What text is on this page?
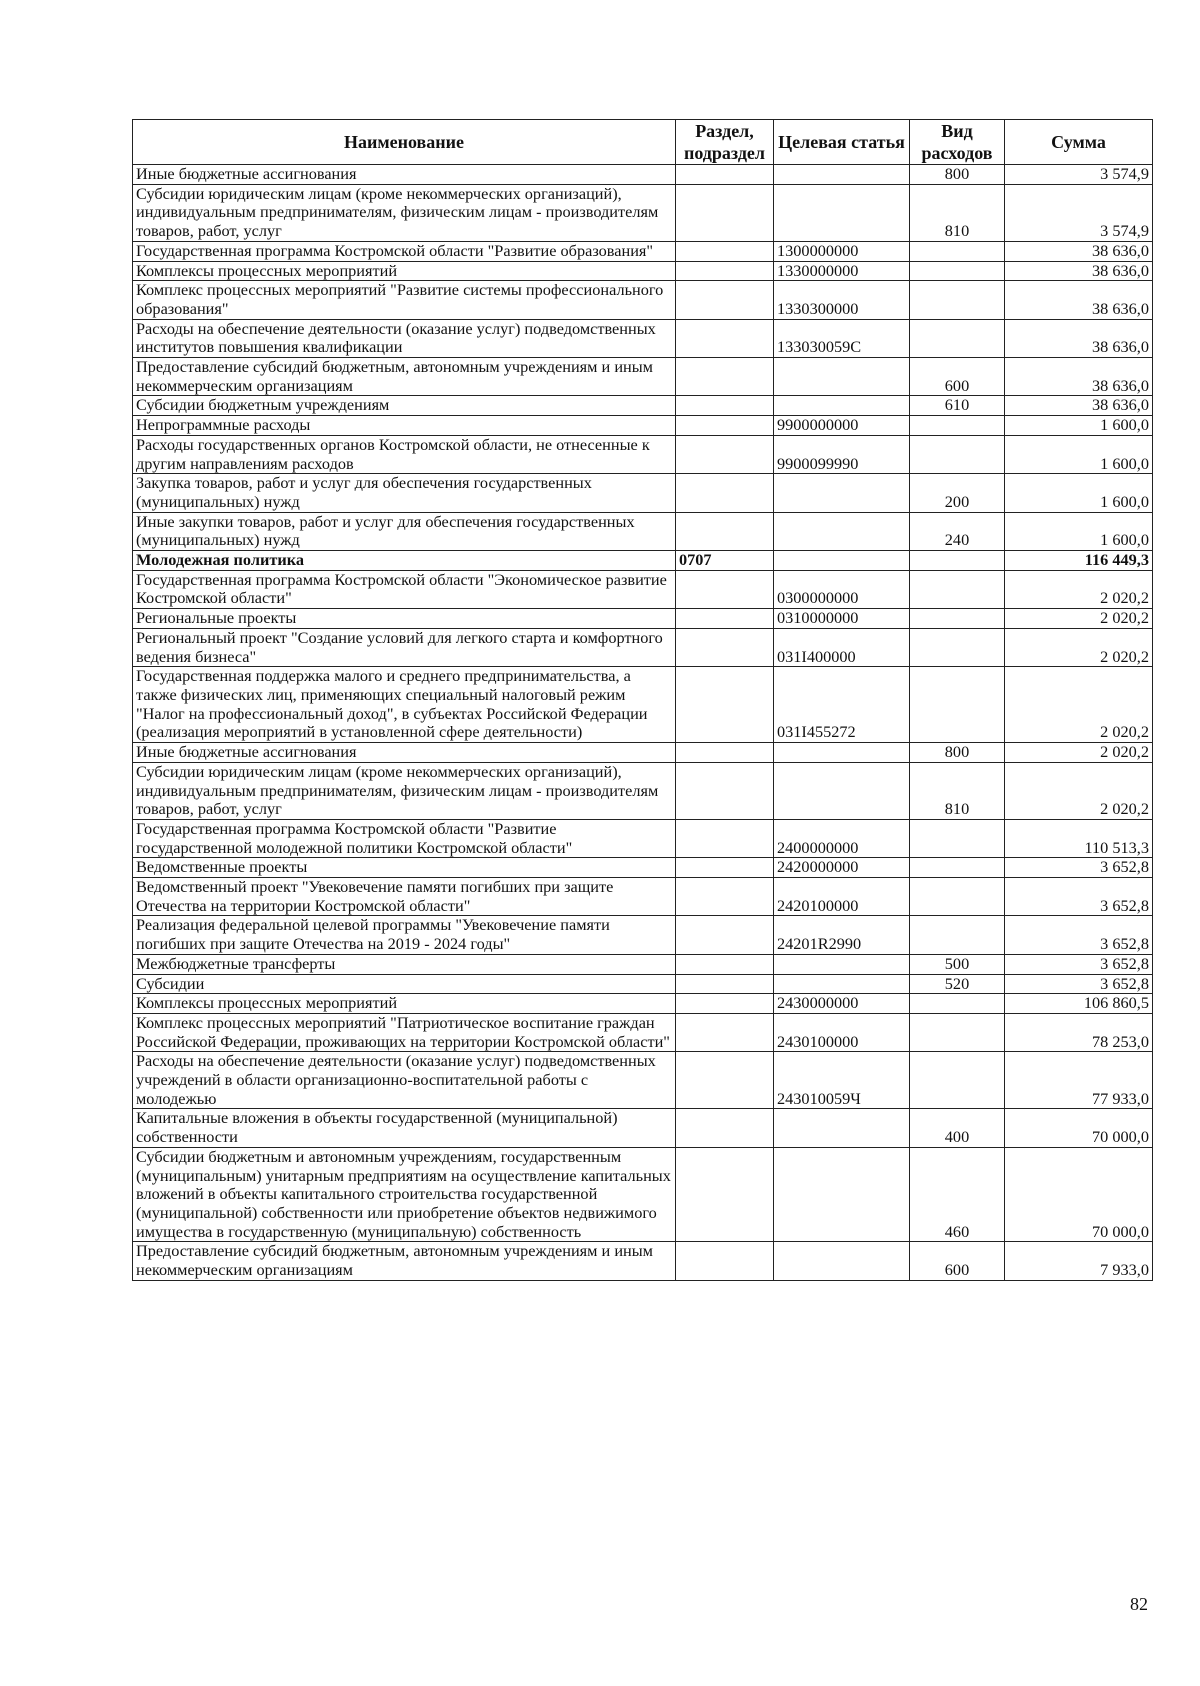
Наименование	Раздел, подраздел	Целевая статья	Вид расходов	Сумма
Иные бюджетные ассигнования			800	3 574,9
Субсидии юридическим лицам (кроме некоммерческих организаций), индивидуальным предпринимателям, физическим лицам - производителям товаров, работ, услуг			810	3 574,9
Государственная программа Костромской области "Развитие образования"		1300000000		38 636,0
Комплексы процессных мероприятий		1330000000		38 636,0
Комплекс процессных мероприятий "Развитие системы профессионального образования"		1330300000		38 636,0
Расходы на обеспечение деятельности (оказание услуг) подведомственных институтов повышения квалификации		133030059С		38 636,0
Предоставление субсидий бюджетным, автономным учреждениям и иным некоммерческим организациям			600	38 636,0
Субсидии бюджетным учреждениям			610	38 636,0
Непрограммные расходы		9900000000		1 600,0
Расходы государственных органов Костромской области, не отнесенные к другим направлениям расходов		9900099990		1 600,0
Закупка товаров, работ и услуг для обеспечения государственных (муниципальных) нужд			200	1 600,0
Иные закупки товаров, работ и услуг для обеспечения государственных (муниципальных) нужд			240	1 600,0
Молодежная политика	0707			116 449,3
Государственная программа Костромской области "Экономическое развитие Костромской области"		0300000000		2 020,2
Региональные проекты		0310000000		2 020,2
Региональный проект "Создание условий для легкого старта и комфортного ведения бизнеса"		031I400000		2 020,2
Государственная поддержка малого и среднего предпринимательства, а также физических лиц, применяющих специальный налоговый режим "Налог на профессиональный доход", в субъектах Российской Федерации (реализация мероприятий в установленной сфере деятельности)		031I455272		2 020,2
Иные бюджетные ассигнования			800	2 020,2
Субсидии юридическим лицам (кроме некоммерческих организаций), индивидуальным предпринимателям, физическим лицам - производителям товаров, работ, услуг			810	2 020,2
Государственная программа Костромской области "Развитие государственной молодежной политики Костромской области"		2400000000		110 513,3
Ведомственные проекты		2420000000		3 652,8
Ведомственный проект "Увековечение памяти погибших при защите Отечества на территории Костромской области"		2420100000		3 652,8
Реализация федеральной целевой программы "Увековечение памяти погибших при защите Отечества на 2019 - 2024 годы"		24201R2990		3 652,8
Межбюджетные трансферты			500	3 652,8
Субсидии			520	3 652,8
Комплексы процессных мероприятий		2430000000		106 860,5
Комплекс процессных мероприятий "Патриотическое воспитание граждан Российской Федерации, проживающих на территории Костромской области"		2430100000		78 253,0
Расходы на обеспечение деятельности (оказание услуг) подведомственных учреждений в области организационно-воспитательной работы с молодежью		243010059Ч		77 933,0
Капитальные вложения в объекты государственной (муниципальной) собственности			400	70 000,0
Субсидии бюджетным и автономным учреждениям, государственным (муниципальным) унитарным предприятиям на осуществление капитальных вложений в объекты капитального строительства государственной (муниципальной) собственности или приобретение объектов недвижимого имущества в государственную (муниципальную) собственность			460	70 000,0
Предоставление субсидий бюджетным, автономным учреждениям и иным некоммерческим организациям			600	7 933,0
82
